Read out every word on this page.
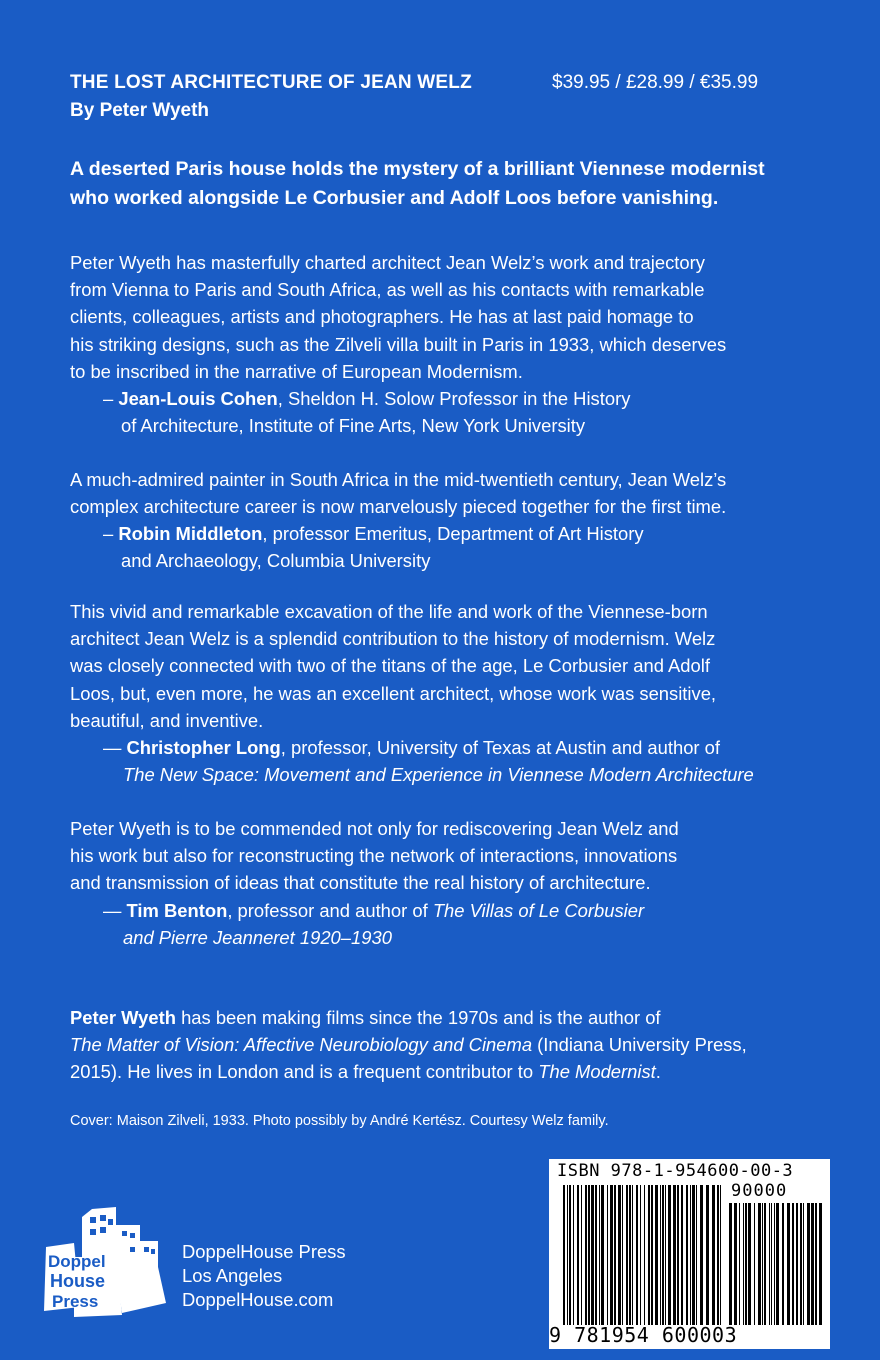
THE LOST ARCHITECTURE OF JEAN WELZ
By Peter Wyeth
$39.95 / £28.99 / €35.99
A deserted Paris house holds the mystery of a brilliant Viennese modernist
who worked alongside Le Corbusier and Adolf Loos before vanishing.
Peter Wyeth has masterfully charted architect Jean Welz’s work and trajectory
from Vienna to Paris and South Africa, as well as his contacts with remarkable
clients, colleagues, artists and photographers. He has at last paid homage to
his striking designs, such as the Zilveli villa built in Paris in 1933, which deserves
to be inscribed in the narrative of European Modernism.
– Jean-Louis Cohen, Sheldon H. Solow Professor in the History
of Architecture, Institute of Fine Arts, New York University
A much-admired painter in South Africa in the mid-twentieth century, Jean Welz’s
complex architecture career is now marvelously pieced together for the first time.
– Robin Middleton, professor Emeritus, Department of Art History
and Archaeology, Columbia University
This vivid and remarkable excavation of the life and work of the Viennese-born
architect Jean Welz is a splendid contribution to the history of modernism. Welz
was closely connected with two of the titans of the age, Le Corbusier and Adolf
Loos, but, even more, he was an excellent architect, whose work was sensitive,
beautiful, and inventive.
— Christopher Long, professor, University of Texas at Austin and author of
The New Space: Movement and Experience in Viennese Modern Architecture
Peter Wyeth is to be commended not only for rediscovering Jean Welz and
his work but also for reconstructing the network of interactions, innovations
and transmission of ideas that constitute the real history of architecture.
— Tim Benton, professor and author of The Villas of Le Corbusier
and Pierre Jeanneret 1920–1930
Peter Wyeth has been making films since the 1970s and is the author of
The Matter of Vision: Affective Neurobiology and Cinema (Indiana University Press,
2015). He lives in London and is a frequent contributor to The Modernist.
Cover: Maison Zilveli, 1933. Photo possibly by André Kertész. Courtesy Welz family.
Doppel
House
Press
DoppelHouse Press
Los Angeles
DoppelHouse.com
ISBN 978-1-954600-00-3
90000
9 781954 600003
